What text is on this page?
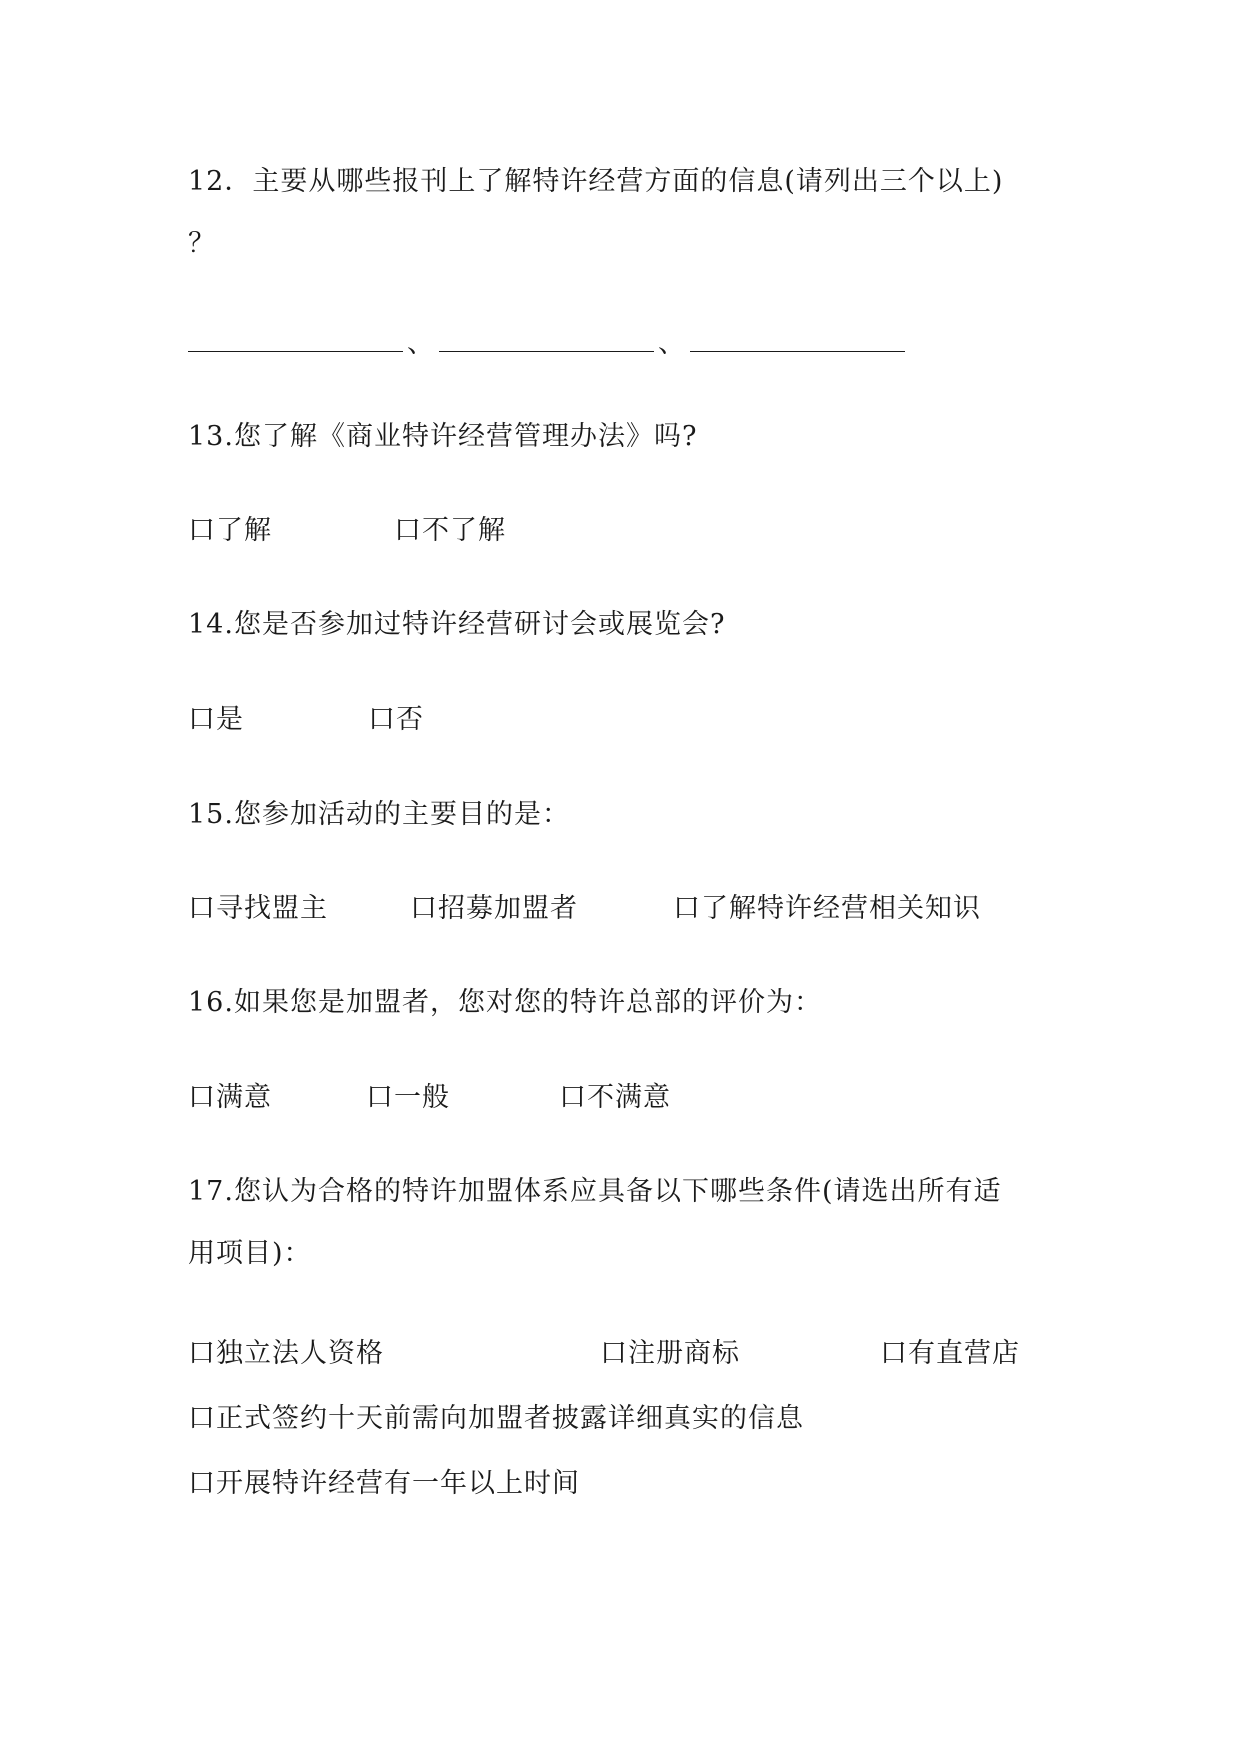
12．主要从哪些报刊上了解特许经营方面的信息(请列出三个以上)
？
、	、
13.您了解《商业特许经营管理办法》吗?
口了解	口不了解
14.您是否参加过特许经营研讨会或展览会?
口是	口否
15.您参加活动的主要目的是：
口寻找盟主	口招募加盟者	口了解特许经营相关知识
16.如果您是加盟者，您对您的特许总部的评价为：
口满意	口一般	口不满意
17.您认为合格的特许加盟体系应具备以下哪些条件(请选出所有适
用项目)：
口独立法人资格	口注册商标	口有直营店
口正式签约十天前需向加盟者披露详细真实的信息
口开展特许经营有一年以上时间
